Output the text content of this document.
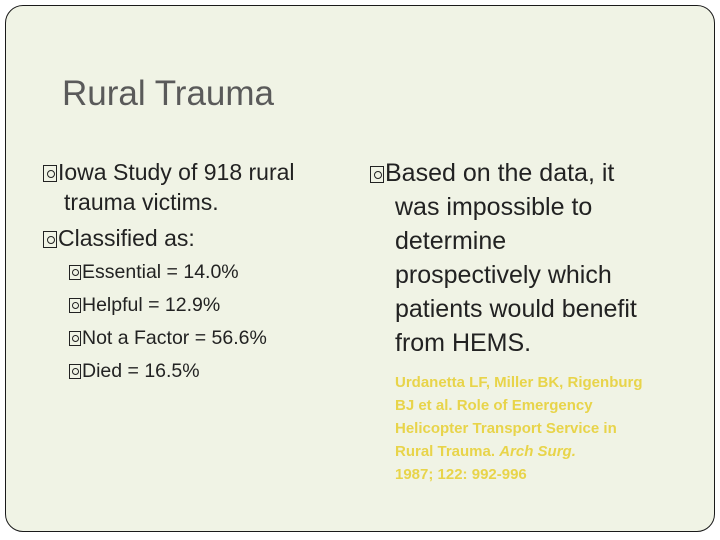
Rural Trauma
Iowa Study of 918 rural
trauma victims.
Classified as:
Essential = 14.0%
Helpful = 12.9%
Not a Factor = 56.6%
Died = 16.5%
Based on the data, it
was impossible to
determine
prospectively which
patients would benefit
from HEMS.
Urdanetta LF, Miller BK, Rigenburg
BJ et al. Role of Emergency
Helicopter Transport Service in
Rural Trauma. Arch Surg.
1987; 122: 992-996
